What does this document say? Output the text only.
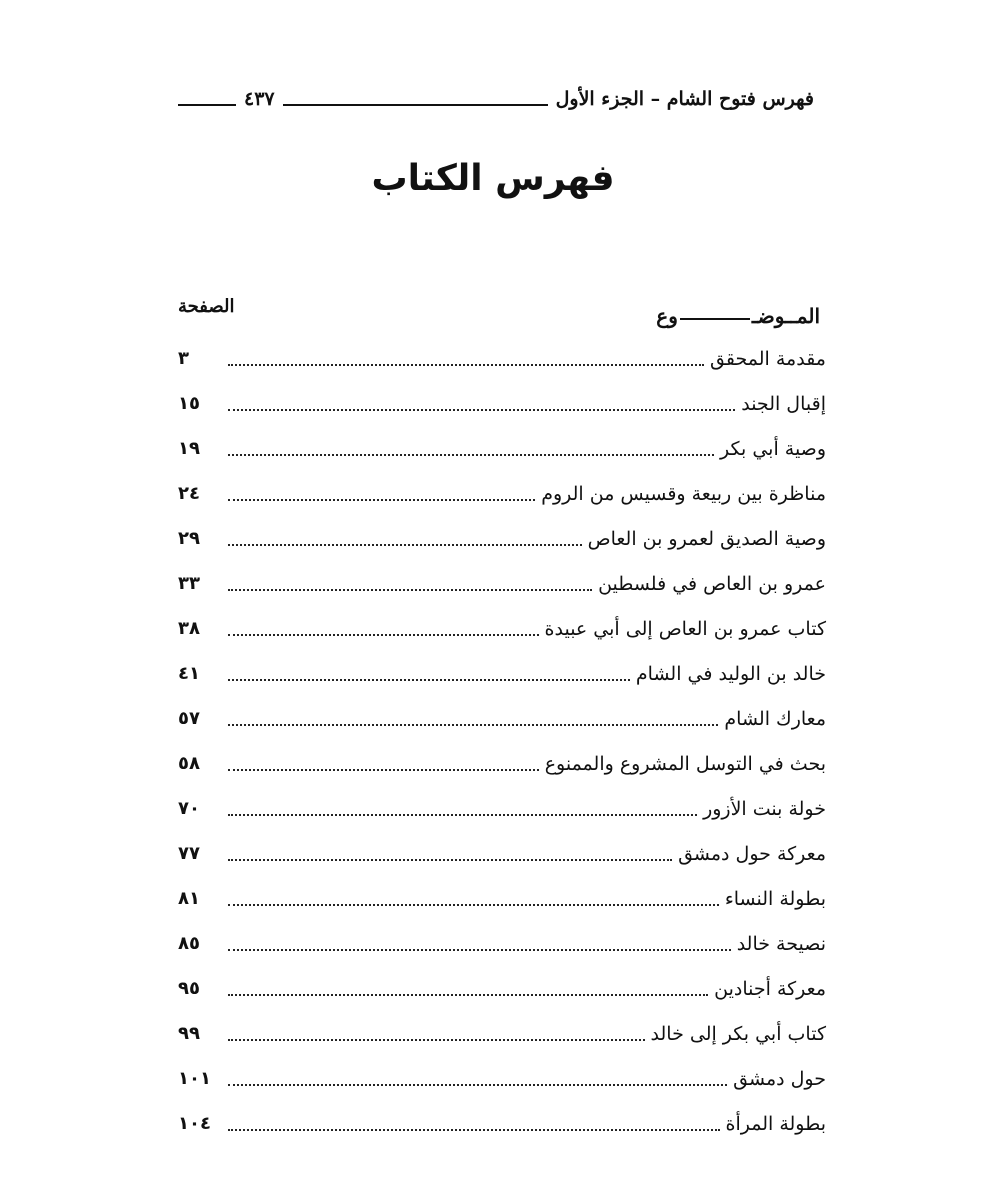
فهرس فتوح الشام – الجزء الأول
٤٣٧
فهرس الكتاب
المــوضـوع
الصفحة
مقدمة المحقق
٣
إقبال الجند
١٥
وصية أبي بكر
١٩
مناظرة بين ربيعة وقسيس من الروم
٢٤
وصية الصديق لعمرو بن العاص
٢٩
عمرو بن العاص في فلسطين
٣٣
كتاب عمرو بن العاص إلى أبي عبيدة
٣٨
خالد بن الوليد في الشام
٤١
معارك الشام
٥٧
بحث في التوسل المشروع والممنوع
٥٨
خولة بنت الأزور
٧٠
معركة حول دمشق
٧٧
بطولة النساء
٨١
نصيحة خالد
٨٥
معركة أجنادين
٩٥
كتاب أبي بكر إلى خالد
٩٩
حول دمشق
١٠١
بطولة المرأة
١٠٤
